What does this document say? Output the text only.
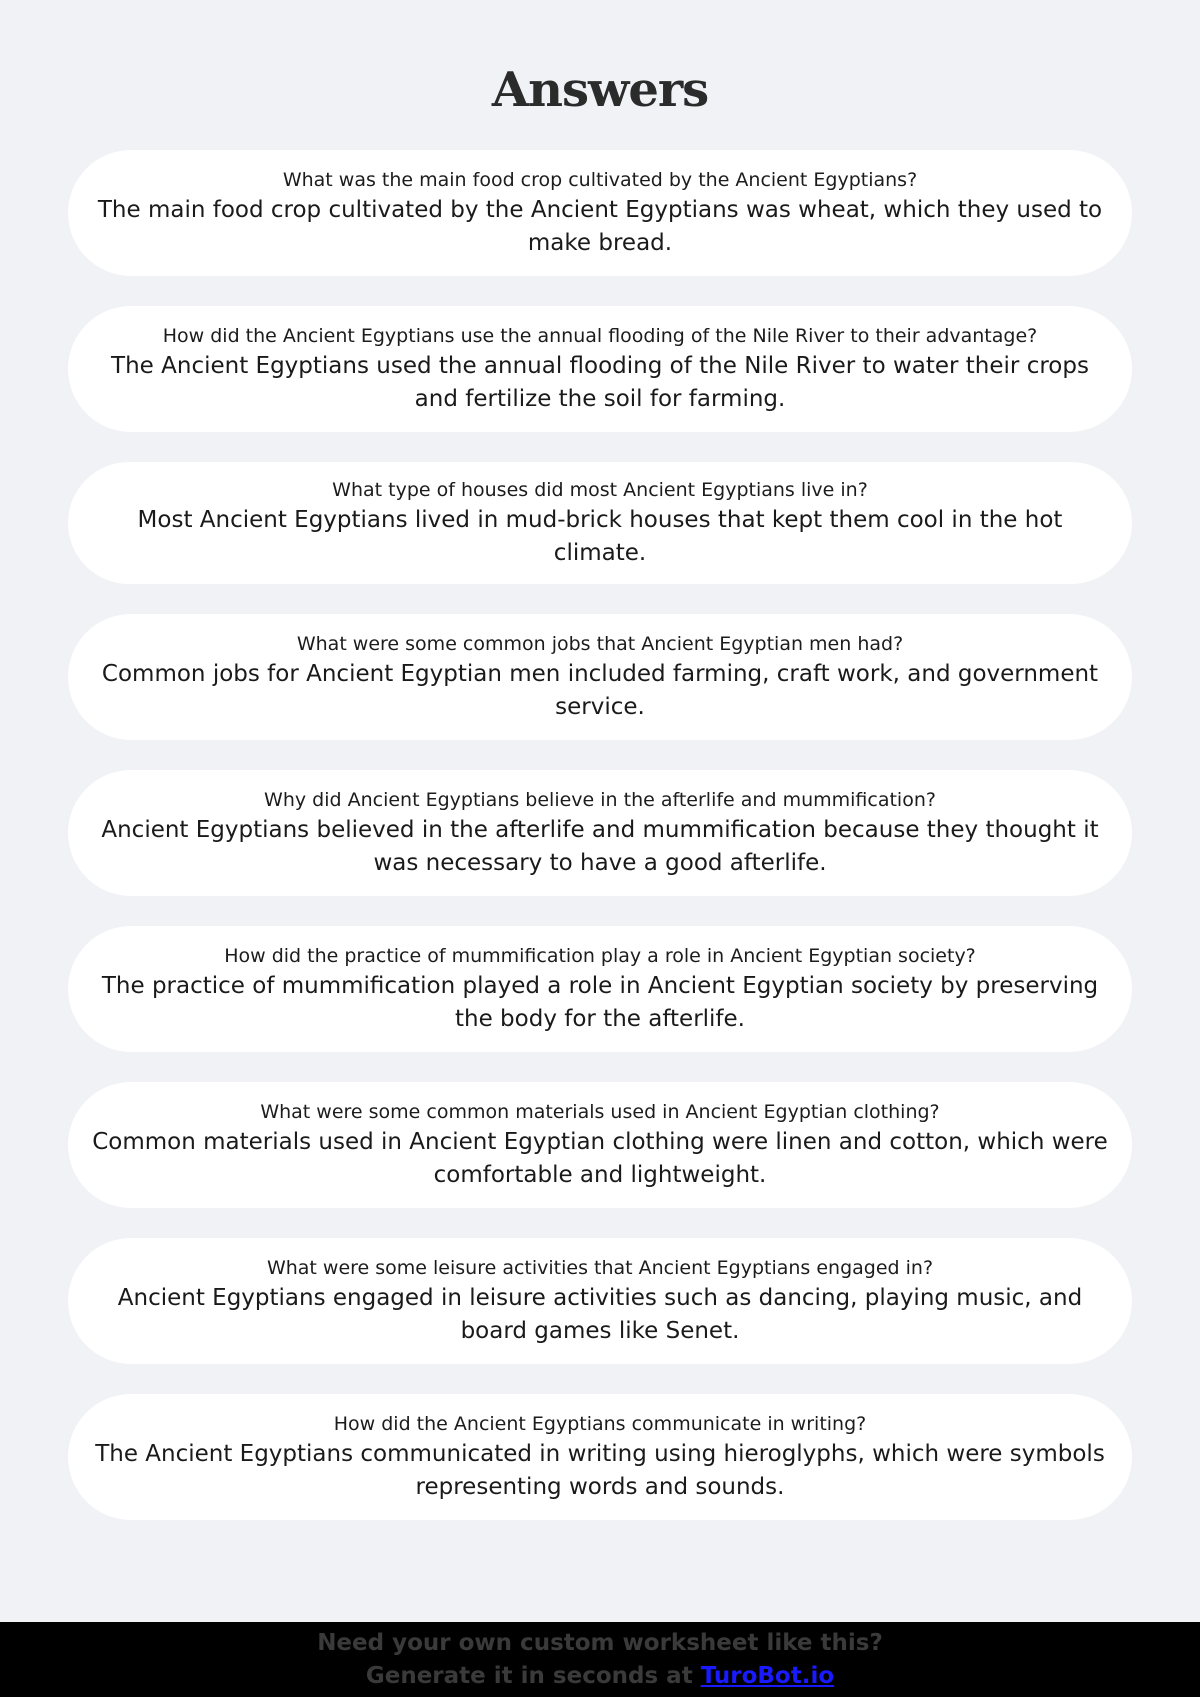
Answers
What was the main food crop cultivated by the Ancient Egyptians?
The main food crop cultivated by the Ancient Egyptians was wheat, which they used to make bread.
How did the Ancient Egyptians use the annual flooding of the Nile River to their advantage?
The Ancient Egyptians used the annual flooding of the Nile River to water their crops and fertilize the soil for farming.
What type of houses did most Ancient Egyptians live in?
Most Ancient Egyptians lived in mud-brick houses that kept them cool in the hot climate.
What were some common jobs that Ancient Egyptian men had?
Common jobs for Ancient Egyptian men included farming, craft work, and government service.
Why did Ancient Egyptians believe in the afterlife and mummification?
Ancient Egyptians believed in the afterlife and mummification because they thought it was necessary to have a good afterlife.
How did the practice of mummification play a role in Ancient Egyptian society?
The practice of mummification played a role in Ancient Egyptian society by preserving the body for the afterlife.
What were some common materials used in Ancient Egyptian clothing?
Common materials used in Ancient Egyptian clothing were linen and cotton, which were comfortable and lightweight.
What were some leisure activities that Ancient Egyptians engaged in?
Ancient Egyptians engaged in leisure activities such as dancing, playing music, and board games like Senet.
How did the Ancient Egyptians communicate in writing?
The Ancient Egyptians communicated in writing using hieroglyphs, which were symbols representing words and sounds.
Need your own custom worksheet like this?
Generate it in seconds at TuroBot.io
